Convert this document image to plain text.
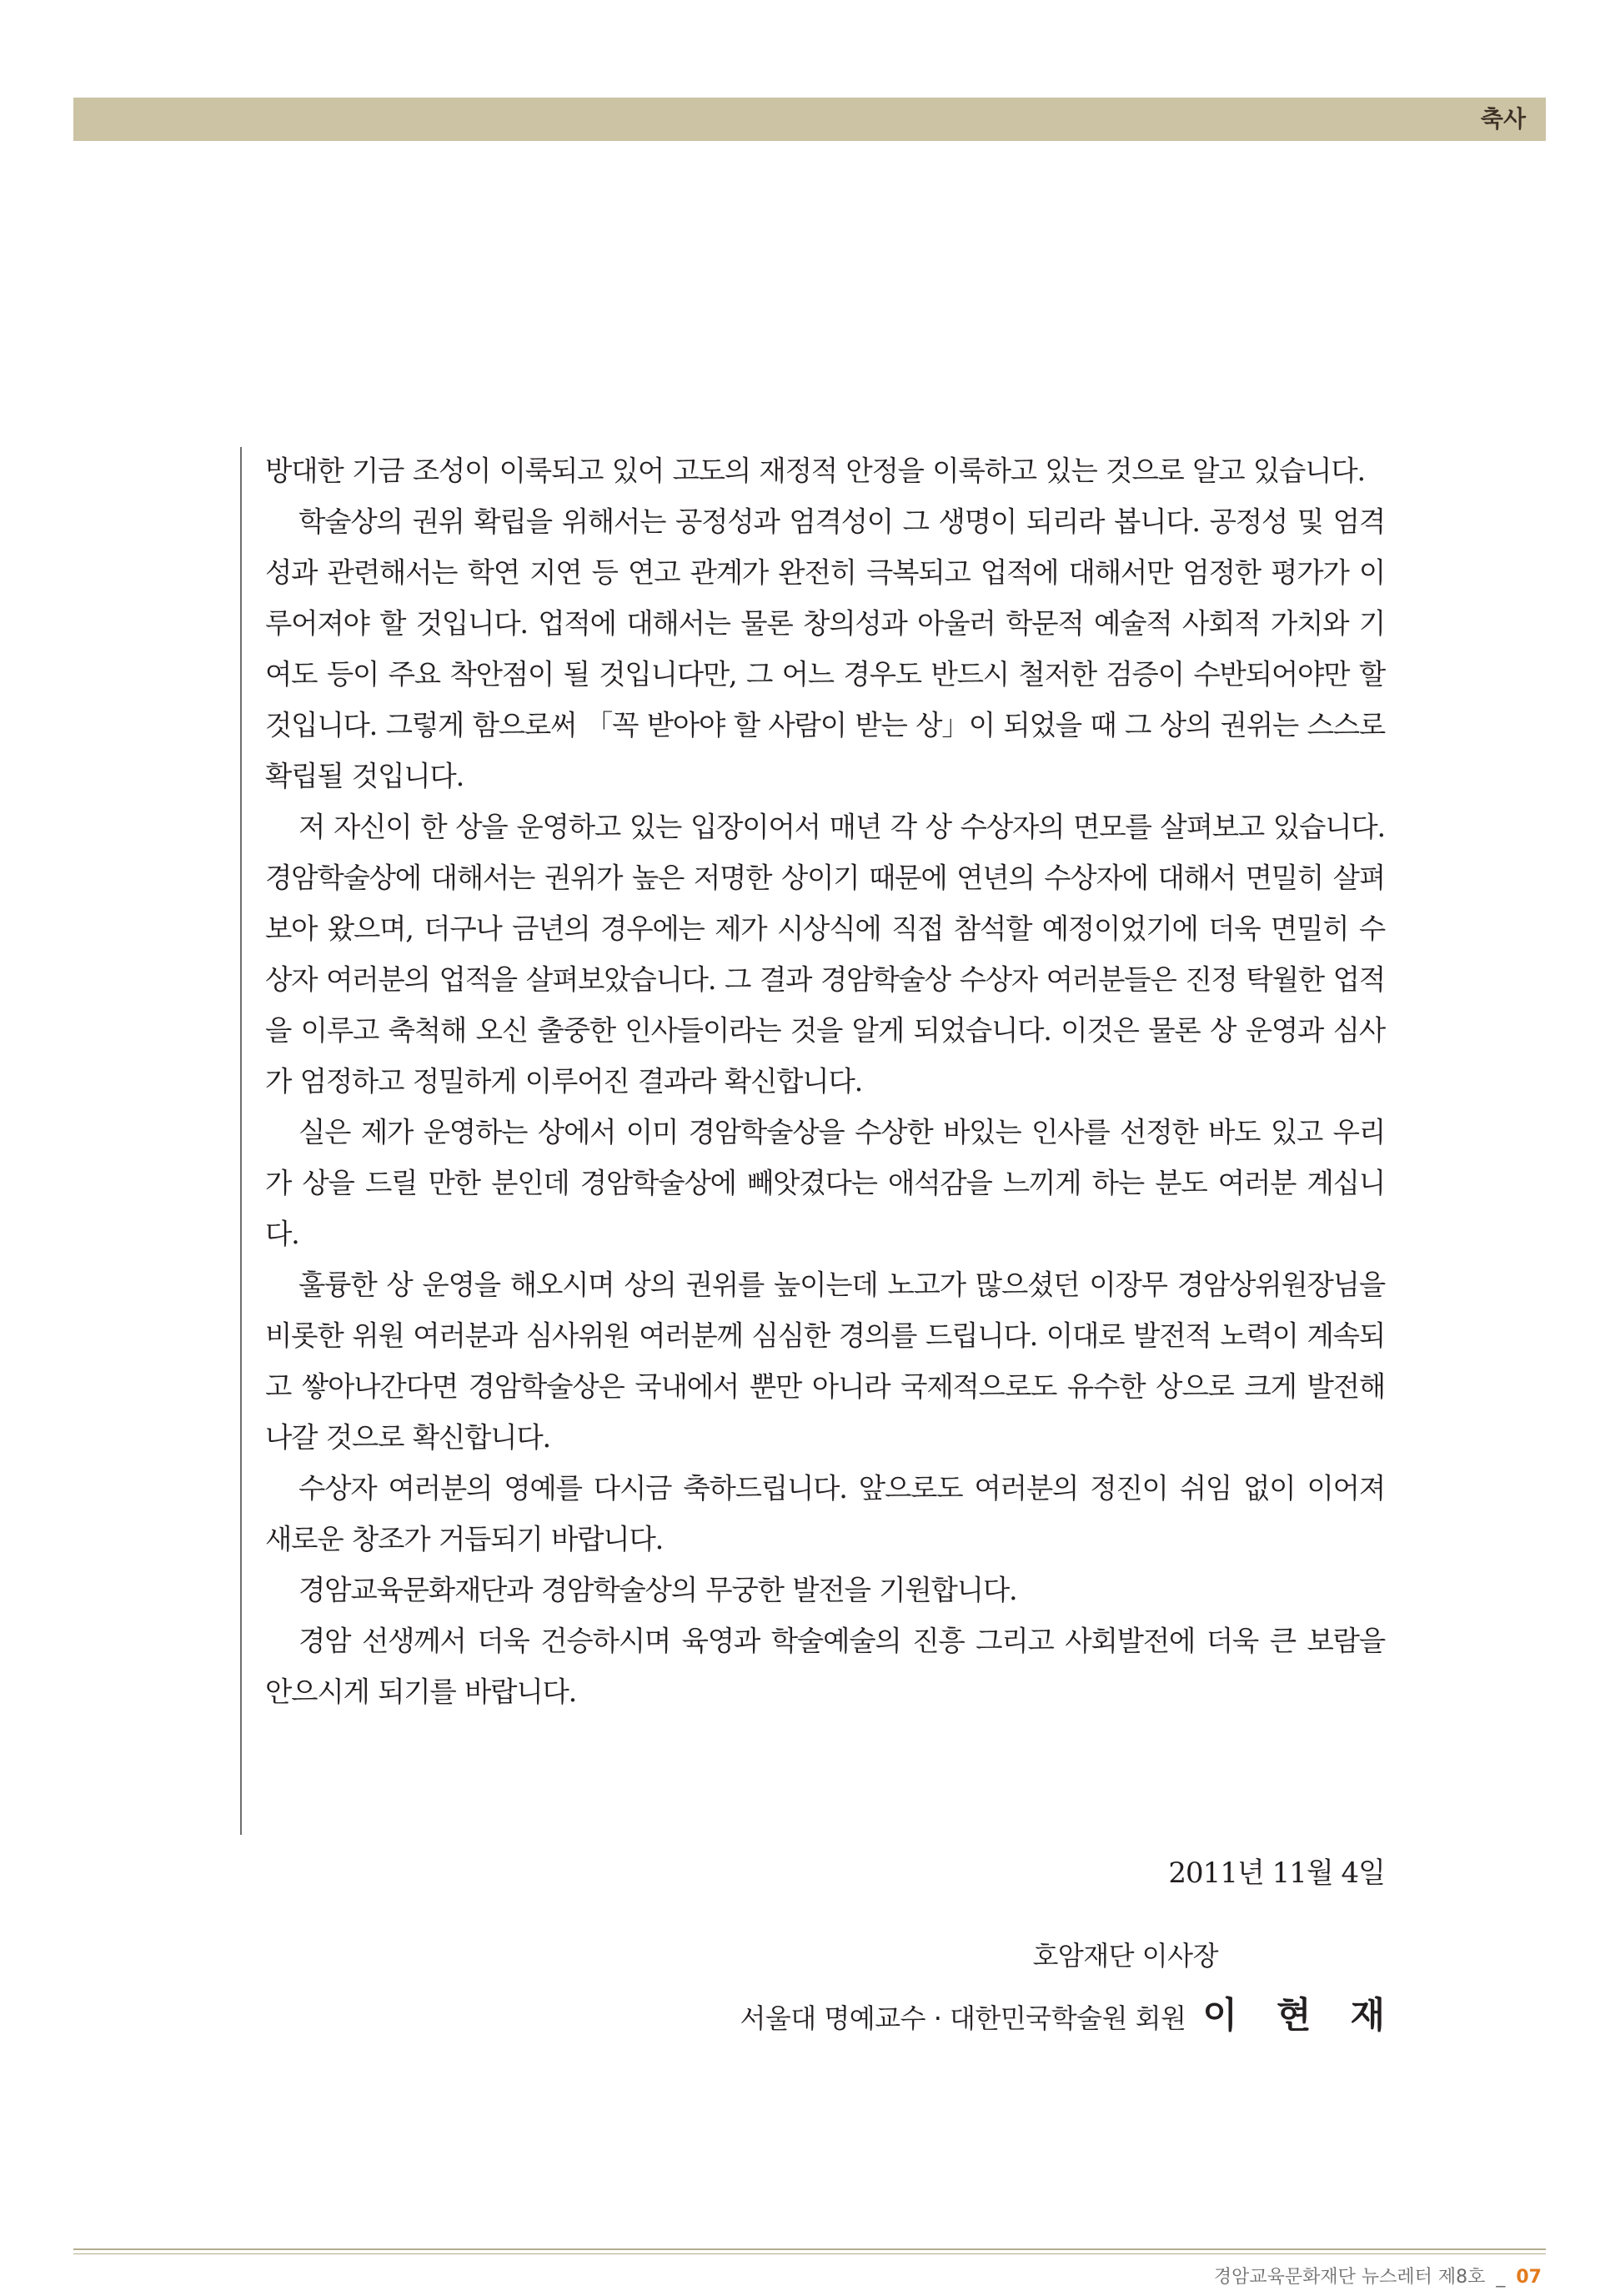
축사

방대한 기금 조성이 이룩되고 있어 고도의 재정적 안정을 이룩하고 있는 것으로 알고 있습니다.

학술상의 권위 확립을 위해서는 공정성과 엄격성이 그 생명이 되리라 봅니다. 공정성 및 엄격성과 관련해서는 학연 지연 등 연고 관계가 완전히 극복되고 업적에 대해서만 엄정한 평가가 이루어져야 할 것입니다. 업적에 대해서는 물론 창의성과 아울러 학문적 예술적 사회적 가치와 기여도 등이 주요 착안점이 될 것입니다만, 그 어느 경우도 반드시 철저한 검증이 수반되어야만 할 것입니다. 그렇게 함으로써 「꼭 받아야 할 사람이 받는 상」이 되었을 때 그 상의 권위는 스스로 확립될 것입니다.

저 자신이 한 상을 운영하고 있는 입장이어서 매년 각 상 수상자의 면모를 살펴보고 있습니다. 경암학술상에 대해서는 권위가 높은 저명한 상이기 때문에 연년의 수상자에 대해서 면밀히 살펴보아 왔으며, 더구나 금년의 경우에는 제가 시상식에 직접 참석할 예정이었기에 더욱 면밀히 수상자 여러분의 업적을 살펴보았습니다. 그 결과 경암학술상 수상자 여러분들은 진정 탁월한 업적을 이루고 축척해 오신 출중한 인사들이라는 것을 알게 되었습니다. 이것은 물론 상 운영과 심사가 엄정하고 정밀하게 이루어진 결과라 확신합니다.

실은 제가 운영하는 상에서 이미 경암학술상을 수상한 바있는 인사를 선정한 바도 있고 우리가 상을 드릴 만한 분인데 경암학술상에 빼앗겼다는 애석감을 느끼게 하는 분도 여러분 계십니다.

훌륭한 상 운영을 해오시며 상의 권위를 높이는데 노고가 많으셨던 이장무 경암상위원장님을 비롯한 위원 여러분과 심사위원 여러분께 심심한 경의를 드립니다. 이대로 발전적 노력이 계속되고 쌓아나간다면 경암학술상은 국내에서 뿐만 아니라 국제적으로도 유수한 상으로 크게 발전해 나갈 것으로 확신합니다.

수상자 여러분의 영예를 다시금 축하드립니다. 앞으로도 여러분의 정진이 쉬임 없이 이어져 새로운 창조가 거듭되기 바랍니다.

경암교육문화재단과 경암학술상의 무궁한 발전을 기원합니다.

경암 선생께서 더욱 건승하시며 육영과 학술예술의 진흥 그리고 사회발전에 더욱 큰 보람을 안으시게 되기를 바랍니다.

2011년 11월 4일
호암재단 이사장
서울대 명예교수 · 대한민국학술원 회원 이 현 재
경암교육문화재단 뉴스레터 제8호 _ 07
